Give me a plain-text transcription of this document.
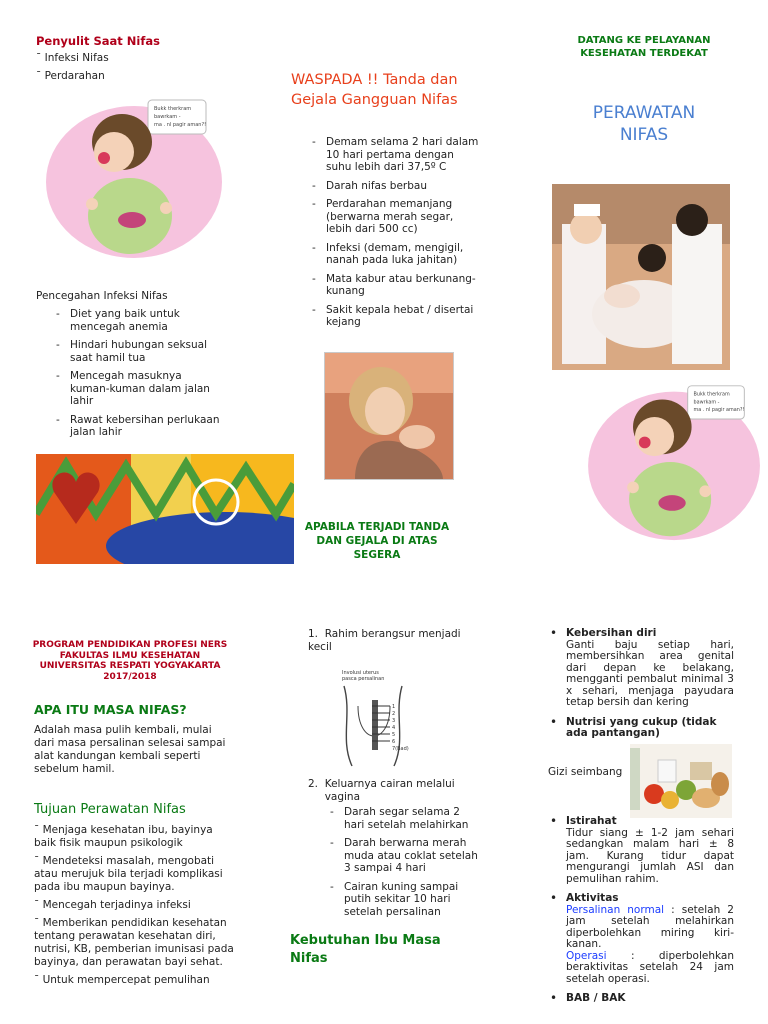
Penyulit Saat Nifas
¯ Infeksi Nifas
¯ Perdarahan
Bukk therkram
bawrkam -
ma . nl pagir aman?!
Pencegahan Infeksi Nifas
- Diet yang baik untuk mencegah anemia
- Hindari hubungan seksual saat hamil tua
- Mencegah masuknya kuman-kuman dalam jalan lahir
- Rawat kebersihan perlukaan jalan lahir
WASPADA !! Tanda dan Gejala Gangguan Nifas
- Demam selama 2 hari dalam 10 hari pertama dengan suhu lebih dari 37,5º C
- Darah nifas berbau
- Perdarahan memanjang (berwarna merah segar, lebih dari 500 cc)
- Infeksi (demam, mengigil, nanah pada luka jahitan)
- Mata kabur atau berkunang-kunang
- Sakit kepala hebat / disertai kejang
APABILA TERJADI TANDA DAN GEJALA DI ATAS SEGERA
DATANG KE PELAYANAN
KESEHATAN TERDEKAT
PERAWATAN
NIFAS
Bukk therkram
bawrkam -
ma . nl pagir aman?!
PROGRAM PENDIDIKAN PROFESI NERS
FAKULTAS ILMU KESEHATAN
UNIVERSITAS RESPATI YOGYAKARTA
2017/2018
APA ITU MASA NIFAS?
Adalah masa pulih kembali, mulai dari masa persalinan selesai sampai alat kandungan kembali seperti sebelum hamil.
Tujuan Perawatan Nifas
¯ Menjaga kesehatan ibu, bayinya baik fisik maupun psikologik
¯ Mendeteksi masalah, mengobati atau merujuk bila terjadi komplikasi pada ibu maupun bayinya.
¯ Mencegah terjadinya infeksi
¯ Memberikan pendidikan kesehatan tentang perawatan kesehatan diri, nutrisi, KB, pemberian imunisasi pada bayinya, dan perawatan bayi sehat.
¯ Untuk mempercepat pemulihan
1.  Rahim berangsur menjadi kecil
Involusi uterus
pasca persalinan
1
2
3
4
5
6
7(Bad)
2. Keluarnya cairan melalui vagina
- Darah segar selama 2 hari setelah melahirkan
- Darah berwarna merah muda atau coklat setelah 3 sampai 4 hari
- Cairan kuning sampai putih sekitar 10 hari setelah persalinan
Kebutuhan Ibu Masa Nifas
• Kebersihan diri
Ganti baju setiap hari, membersihkan area genital dari depan ke belakang, mengganti pembalut minimal 3 x sehari, menjaga payudara tetap bersih dan kering
• Nutrisi yang cukup (tidak ada pantangan)
Gizi seimbang
• Istirahat
Tidur siang ± 1-2 jam sehari sedangkan malam hari ± 8 jam. Kurang tidur dapat mengurangi jumlah ASI dan pemulihan rahim.
• Aktivitas
Persalinan normal : setelah 2 jam setelah melahirkan diperbolehkan miring kiri-kanan.
Operasi : diperbolehkan beraktivitas setelah 24 jam setelah operasi.
• BAB / BAK
